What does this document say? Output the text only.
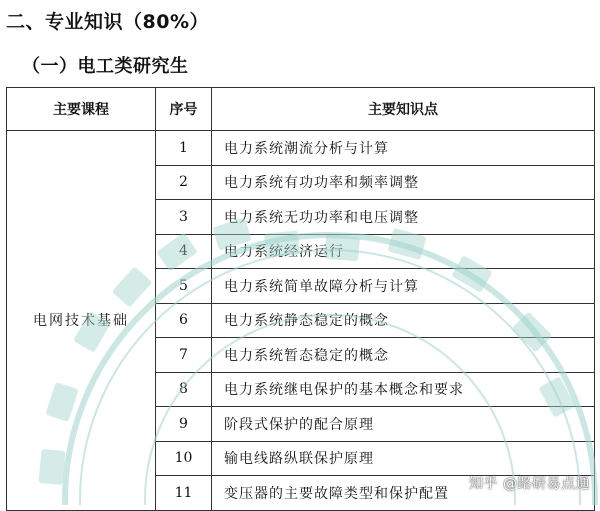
二、专业知识（80%）
（一）电工类研究生
主要课程	序号	主要知识点
电网技术基础	1	电力系统潮流分析与计算
	2	电力系统有功功率和频率调整
	3	电力系统无功功率和电压调整
	4	电力系统经济运行
	5	电力系统简单故障分析与计算
	6	电力系统静态稳定的概念
	7	电力系统暂态稳定的概念
	8	电力系统继电保护的基本概念和要求
	9	阶段式保护的配合原理
	10	输电线路纵联保护原理
	11	变压器的主要故障类型和保护配置
知乎 @路研易点通
